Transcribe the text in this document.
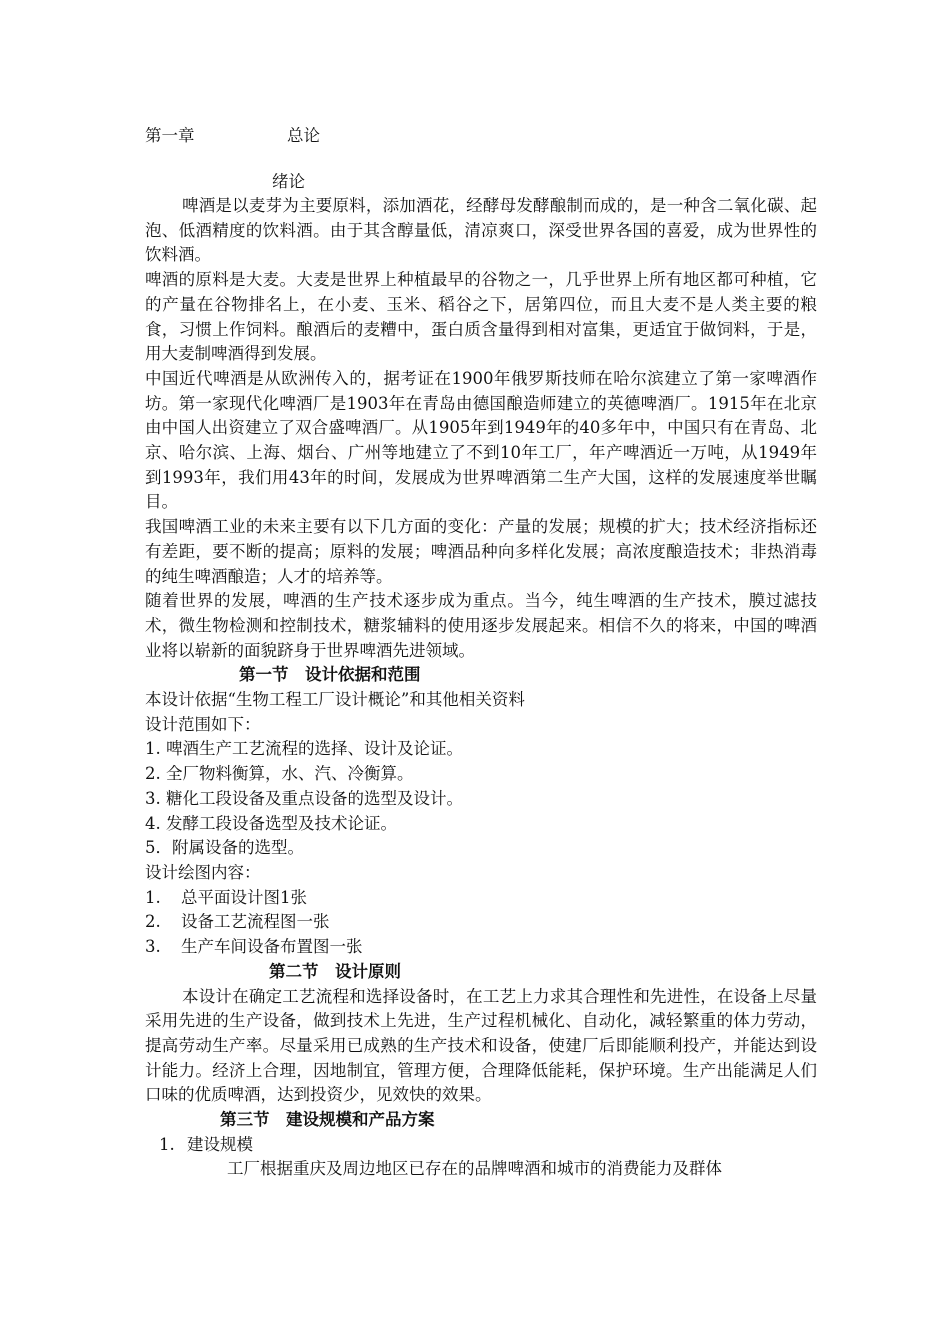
第一章	总论
绪论

啤酒是以麦芽为主要原料，添加酒花，经酵母发酵酿制而成的，是一种含二氧化碳、起泡、低酒精度的饮料酒。由于其含醇量低，清凉爽口，深受世界各国的喜爱，成为世界性的饮料酒。

啤酒的原料是大麦。大麦是世界上种植最早的谷物之一，几乎世界上所有地区都可种植，它的产量在谷物排名上，在小麦、玉米、稻谷之下，居第四位，而且大麦不是人类主要的粮食，习惯上作饲料。酿酒后的麦糟中，蛋白质含量得到相对富集，更适宜于做饲料，于是，用大麦制啤酒得到发展。

中国近代啤酒是从欧洲传入的，据考证在1900年俄罗斯技师在哈尔滨建立了第一家啤酒作坊。第一家现代化啤酒厂是1903年在青岛由德国酿造师建立的英德啤酒厂。1915年在北京由中国人出资建立了双合盛啤酒厂。从1905年到1949年的40多年中，中国只有在青岛、北京、哈尔滨、上海、烟台、广州等地建立了不到10年工厂，年产啤酒近一万吨，从1949年到1993年，我们用43年的时间，发展成为世界啤酒第二生产大国，这样的发展速度举世瞩目。

我国啤酒工业的未来主要有以下几方面的变化：产量的发展；规模的扩大；技术经济指标还有差距，要不断的提高；原料的发展；啤酒品种向多样化发展；高浓度酿造技术；非热消毒的纯生啤酒酿造；人才的培养等。

随着世界的发展，啤酒的生产技术逐步成为重点。当今，纯生啤酒的生产技术，膜过滤技术，微生物检测和控制技术，糖浆辅料的使用逐步发展起来。相信不久的将来，中国的啤酒业将以崭新的面貌跻身于世界啤酒先进领域。

第一节　设计依据和范围

本设计依据“生物工程工厂设计概论”和其他相关资料

设计范围如下：

1. 啤酒生产工艺流程的选择、设计及论证。
2. 全厂物料衡算，水、汽、冷衡算。
3. 糖化工段设备及重点设备的选型及设计。
4. 发酵工段设备选型及技术论证。
5．附属设备的选型。

设计绘图内容：

1. 总平面设计图1张
2. 设备工艺流程图一张
3. 生产车间设备布置图一张
第二节　设计原则

本设计在确定工艺流程和选择设备时，在工艺上力求其合理性和先进性，在设备上尽量采用先进的生产设备，做到技术上先进，生产过程机械化、自动化，减轻繁重的体力劳动，提高劳动生产率。尽量采用已成熟的生产技术和设备，使建厂后即能顺利投产，并能达到设计能力。经济上合理，因地制宜，管理方便，合理降低能耗，保护环境。生产出能满足人们口味的优质啤酒，达到投资少，见效快的效果。

第三节　建设规模和产品方案
1. 建设规模

工厂根据重庆及周边地区已存在的品牌啤酒和城市的消费能力及群体
